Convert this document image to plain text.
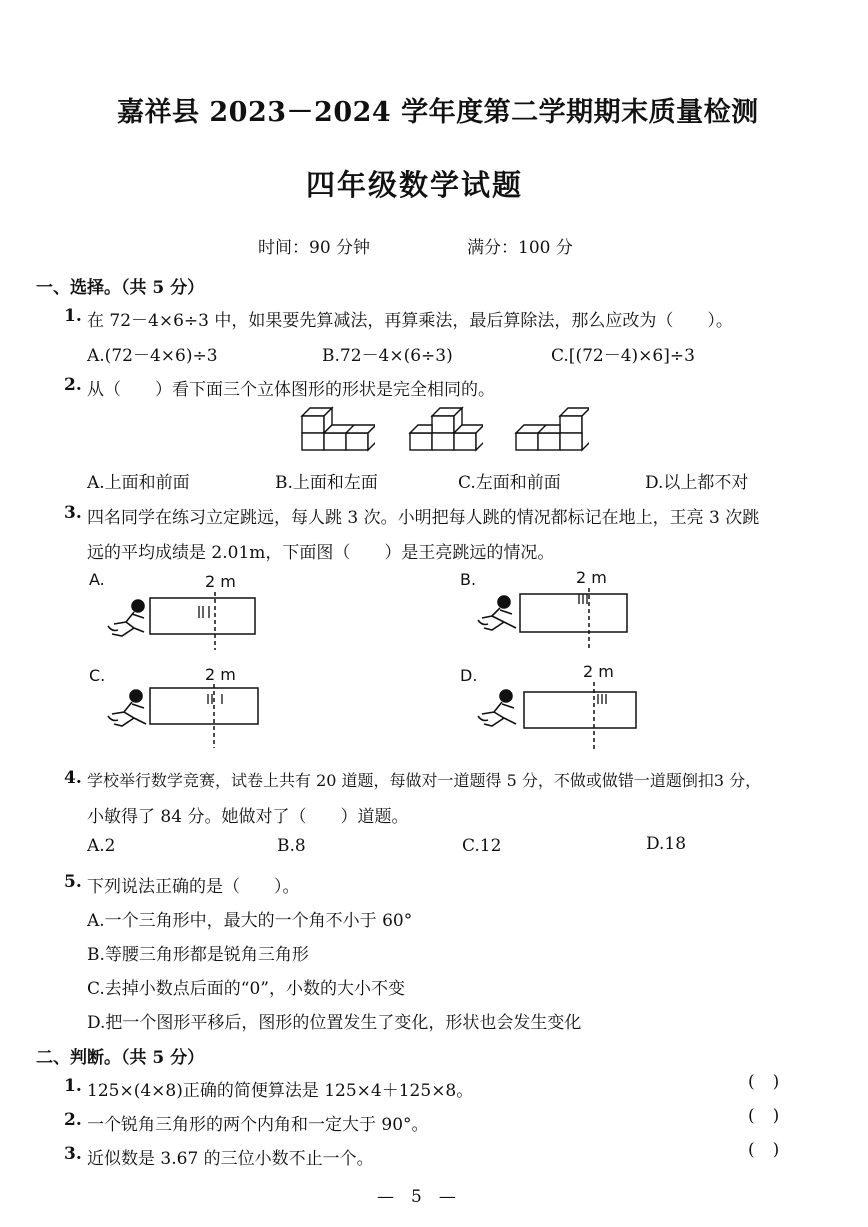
嘉祥县 2023－2024 学年度第二学期期末质量检测
四年级数学试题
时间：90 分钟	满分：100 分
一、选择。（共 5 分）
1. 在 72－4×6÷3 中，如果要先算减法，再算乘法，最后算除法，那么应改为（　　）。
A.(72－4×6)÷3	B.72－4×(6÷3)	C.[(72－4)×6]÷3
2. 从（　　）看下面三个立体图形的形状是完全相同的。
A.上面和前面	B.上面和左面	C.左面和前面	D.以上都不对
3. 四名同学在练习立定跳远，每人跳 3 次。小明把每人跳的情况都标记在地上，王亮 3 次跳
远的平均成绩是 2.01m，下面图（　　）是王亮跳远的情况。
A.	2 m	B.	2 m
C.	2 m	D.	2 m
4. 学校举行数学竞赛，试卷上共有 20 道题，每做对一道题得 5 分，不做或做错一道题倒扣3 分，
小敏得了 84 分。她做对了（　　）道题。
A.2	B.8	C.12	D.18
5. 下列说法正确的是（　　）。
A.一个三角形中，最大的一个角不小于 60°
B.等腰三角形都是锐角三角形
C.去掉小数点后面的“0”，小数的大小不变
D.把一个图形平移后，图形的位置发生了变化，形状也会发生变化
二、判断。（共 5 分）
1. 125×(4×8)正确的简便算法是 125×4＋125×8。	()
2. 一个锐角三角形的两个内角和一定大于 90°。	()
3. 近似数是 3.67 的三位小数不止一个。	()
—　5　—
